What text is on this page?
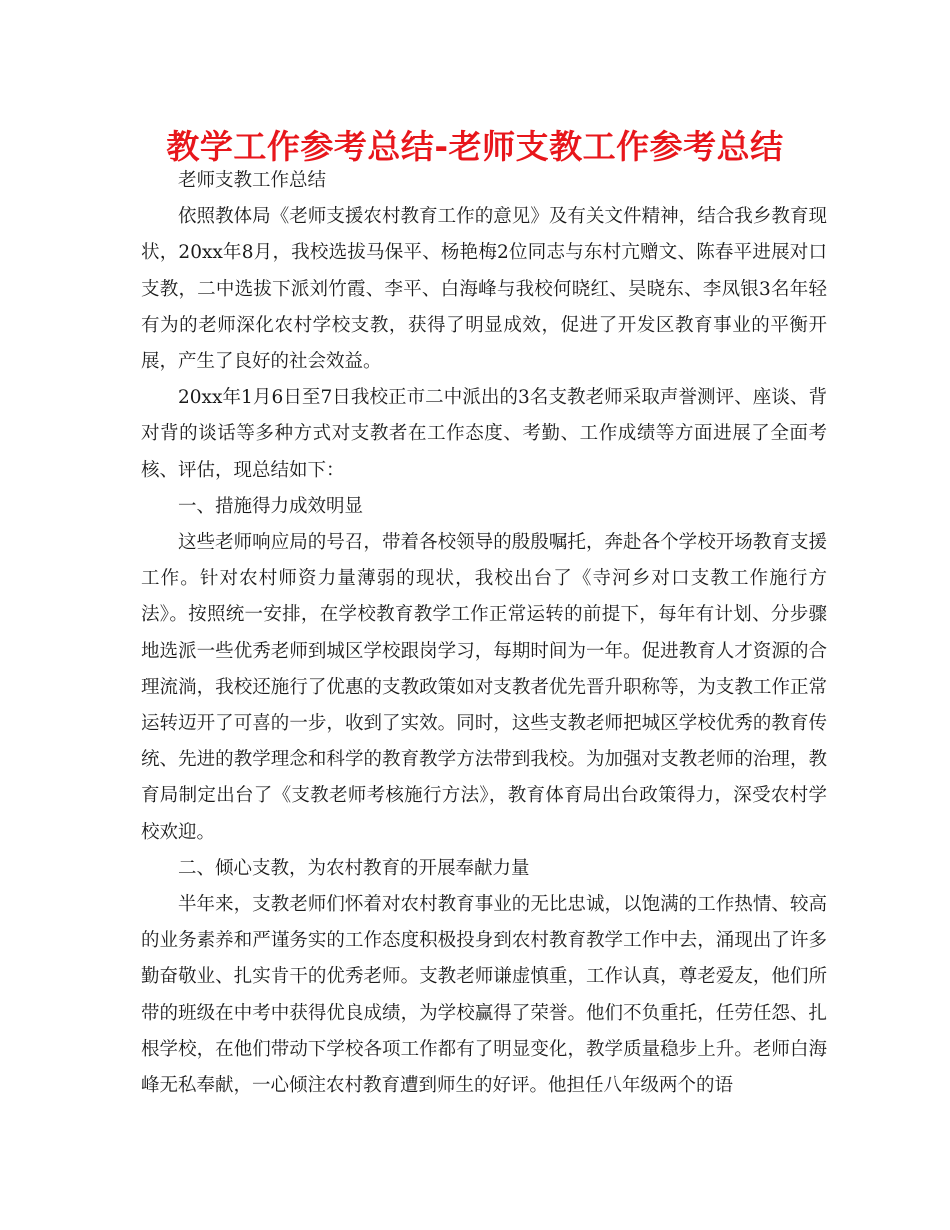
教学工作参考总结-老师支教工作参考总结

老师支教工作总结

依照教体局《老师支援农村教育工作的意见》及有关文件精神，结合我乡教育现状，20xx年8月，我校选拔马保平、杨艳梅2位同志与东村亢赠文、陈春平进展对口支教，二中选拔下派刘竹霞、李平、白海峰与我校何晓红、吴晓东、李凤银3名年轻有为的老师深化农村学校支教，获得了明显成效，促进了开发区教育事业的平衡开展，产生了良好的社会效益。

20xx年1月6日至7日我校正市二中派出的3名支教老师采取声誉测评、座谈、背对背的谈话等多种方式对支教者在工作态度、考勤、工作成绩等方面进展了全面考核、评估，现总结如下：

一、措施得力成效明显

这些老师响应局的号召，带着各校领导的殷殷嘱托，奔赴各个学校开场教育支援工作。针对农村师资力量薄弱的现状，我校出台了《寺河乡对口支教工作施行方法》。按照统一安排，在学校教育教学工作正常运转的前提下，每年有计划、分步骤地选派一些优秀老师到城区学校跟岗学习，每期时间为一年。促进教育人才资源的合理流淌，我校还施行了优惠的支教政策如对支教者优先晋升职称等，为支教工作正常运转迈开了可喜的一步，收到了实效。同时，这些支教老师把城区学校优秀的教育传统、先进的教学理念和科学的教育教学方法带到我校。为加强对支教老师的治理，教育局制定出台了《支教老师考核施行方法》，教育体育局出台政策得力，深受农村学校欢迎。

二、倾心支教，为农村教育的开展奉献力量

半年来，支教老师们怀着对农村教育事业的无比忠诚，以饱满的工作热情、较高的业务素养和严谨务实的工作态度积极投身到农村教育教学工作中去，涌现出了许多勤奋敬业、扎实肯干的优秀老师。支教老师谦虚慎重，工作认真，尊老爱友，他们所带的班级在中考中获得优良成绩，为学校赢得了荣誉。他们不负重托，任劳任怨、扎根学校，在他们带动下学校各项工作都有了明显变化，教学质量稳步上升。老师白海峰无私奉献，一心倾注农村教育遭到师生的好评。他担任八年级两个的语
